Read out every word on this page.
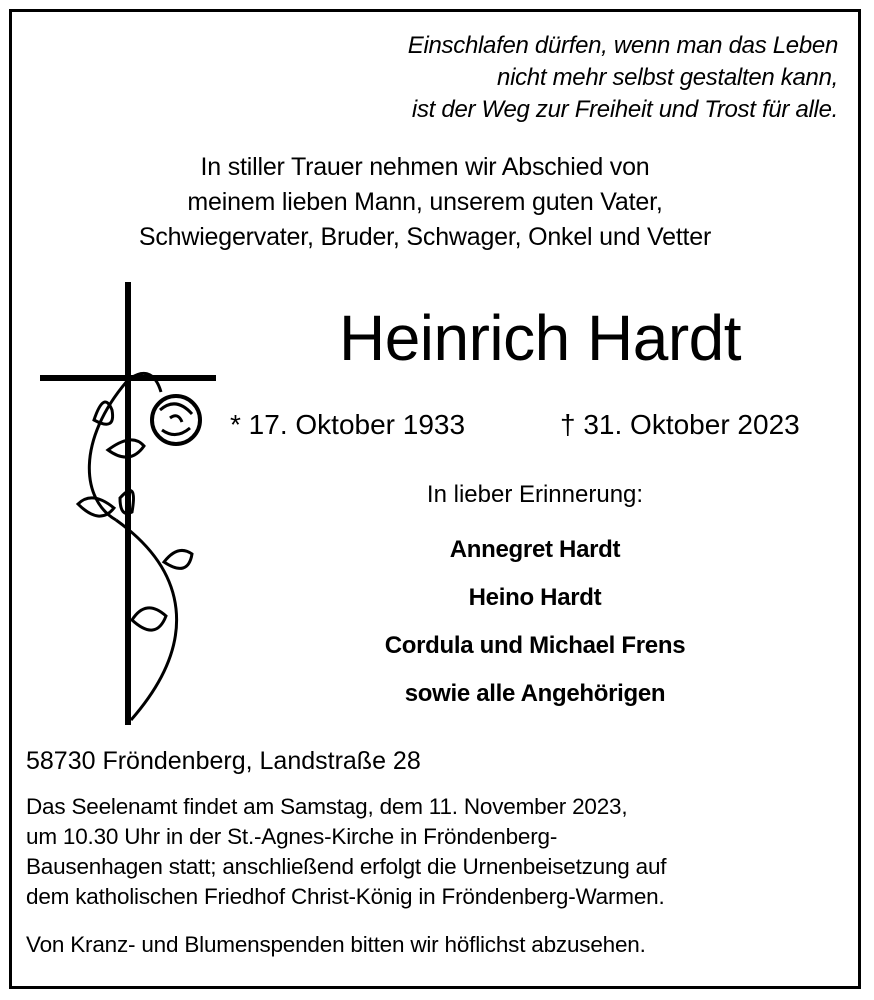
Einschlafen dürfen, wenn man das Leben
nicht mehr selbst gestalten kann,
ist der Weg zur Freiheit und Trost für alle.
In stiller Trauer nehmen wir Abschied von
meinem lieben Mann, unserem guten Vater,
Schwiegervater, Bruder, Schwager, Onkel und Vetter
Heinrich Hardt
* 17. Oktober 1933	† 31. Oktober 2023
In lieber Erinnerung:
Annegret Hardt
Heino Hardt
Cordula und Michael Frens
sowie alle Angehörigen
58730 Fröndenberg, Landstraße 28
Das Seelenamt findet am Samstag, dem 11. November 2023,
um 10.30 Uhr in der St.-Agnes-Kirche in Fröndenberg-
Bausenhagen statt; anschließend erfolgt die Urnenbeisetzung auf
dem katholischen Friedhof Christ-König in Fröndenberg-Warmen.
Von Kranz- und Blumenspenden bitten wir höflichst abzusehen.
